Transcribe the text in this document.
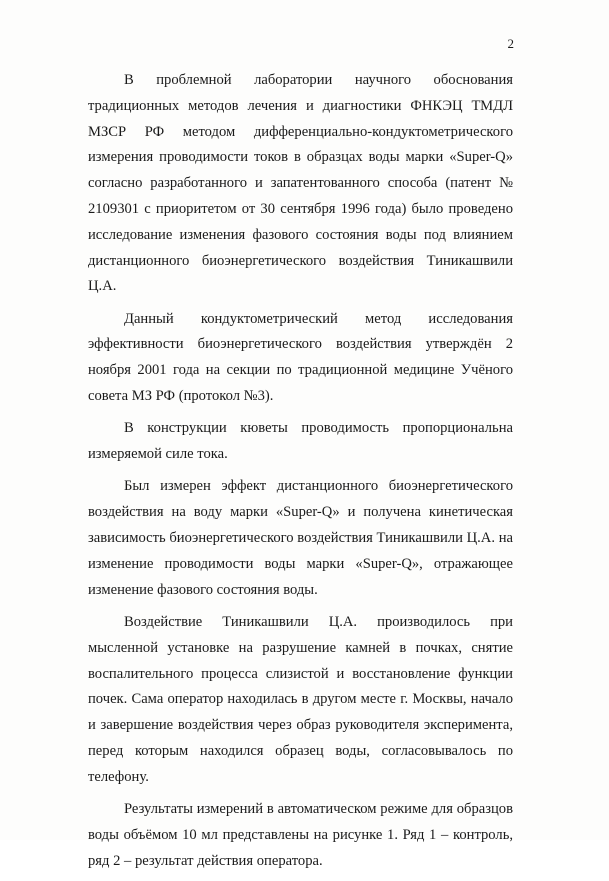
2

В проблемной лаборатории научного обоснования традиционных методов лечения и диагностики ФНКЭЦ ТМДЛ МЗСР РФ методом дифференциально-кондуктометрического измерения проводимости токов в образцах воды марки «Super-Q» согласно разработанного и запатентованного способа (патент № 2109301 с приоритетом от 30 сентября 1996 года) было проведено исследование изменения фазового состояния воды под влиянием дистанционного биоэнергетического воздействия Тиникашвили Ц.А.

Данный кондуктометрический метод исследования эффективности биоэнергетического воздействия утверждён 2 ноября 2001 года на секции по традиционной медицине Учёного совета МЗ РФ (протокол №3).

В конструкции кюветы проводимость пропорциональна измеряемой силе тока.

Был измерен эффект дистанционного биоэнергетического воздействия на воду марки «Super-Q» и получена кинетическая зависимость биоэнергетического воздействия Тиникашвили Ц.А. на изменение проводимости воды марки «Super-Q», отражающее изменение фазового состояния воды.

Воздействие Тиникашвили Ц.А. производилось при мысленной установке на разрушение камней в почках, снятие воспалительного процесса слизистой и восстановление функции почек. Сама оператор находилась в другом месте г. Москвы, начало и завершение воздействия через образ руководителя эксперимента, перед которым находился образец воды, согласовывалось по телефону.

Результаты измерений в автоматическом режиме для образцов воды объёмом 10 мл представлены на рисунке 1. Ряд 1 – контроль, ряд 2 – результат действия оператора.
